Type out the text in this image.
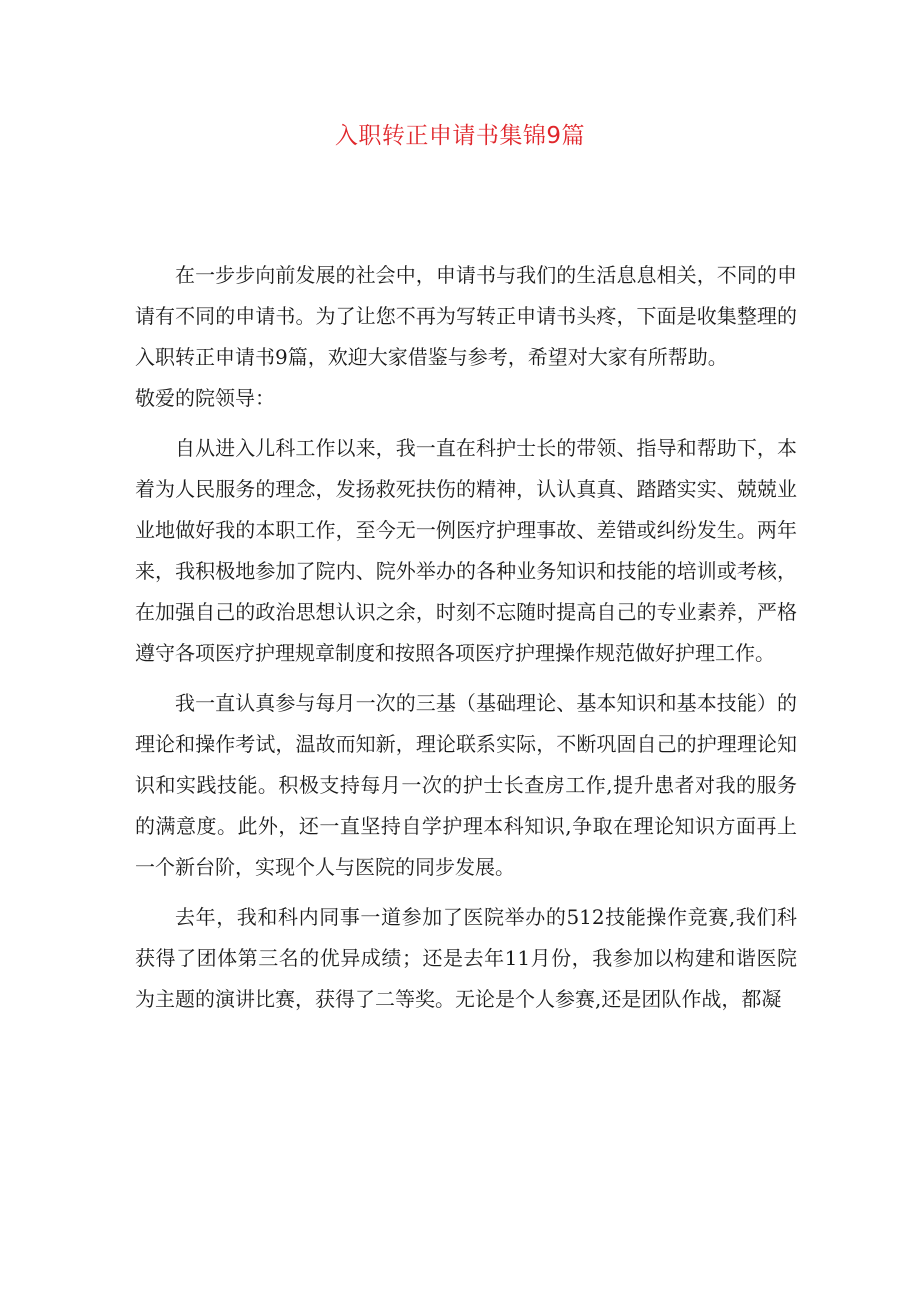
入职转正申请书集锦9篇

在一步步向前发展的社会中，申请书与我们的生活息息相关，不同的申请有不同的申请书。为了让您不再为写转正申请书头疼，下面是收集整理的入职转正申请书9篇，欢迎大家借鉴与参考，希望对大家有所帮助。

敬爱的院领导：

自从进入儿科工作以来，我一直在科护士长的带领、指导和帮助下，本着为人民服务的理念，发扬救死扶伤的精神，认认真真、踏踏实实、兢兢业业地做好我的本职工作，至今无一例医疗护理事故、差错或纠纷发生。两年来，我积极地参加了院内、院外举办的各种业务知识和技能的培训或考核，在加强自己的政治思想认识之余，时刻不忘随时提高自己的专业素养，严格遵守各项医疗护理规章制度和按照各项医疗护理操作规范做好护理工作。

我一直认真参与每月一次的三基（基础理论、基本知识和基本技能）的理论和操作考试，温故而知新，理论联系实际，不断巩固自己的护理理论知识和实践技能。积极支持每月一次的护士长查房工作,提升患者对我的服务的满意度。此外，还一直坚持自学护理本科知识,争取在理论知识方面再上一个新台阶，实现个人与医院的同步发展。

去年，我和科内同事一道参加了医院举办的512技能操作竞赛,我们科获得了团体第三名的优异成绩；还是去年11月份，我参加以构建和谐医院为主题的演讲比赛，获得了二等奖。无论是个人参赛,还是团队作战，都凝
